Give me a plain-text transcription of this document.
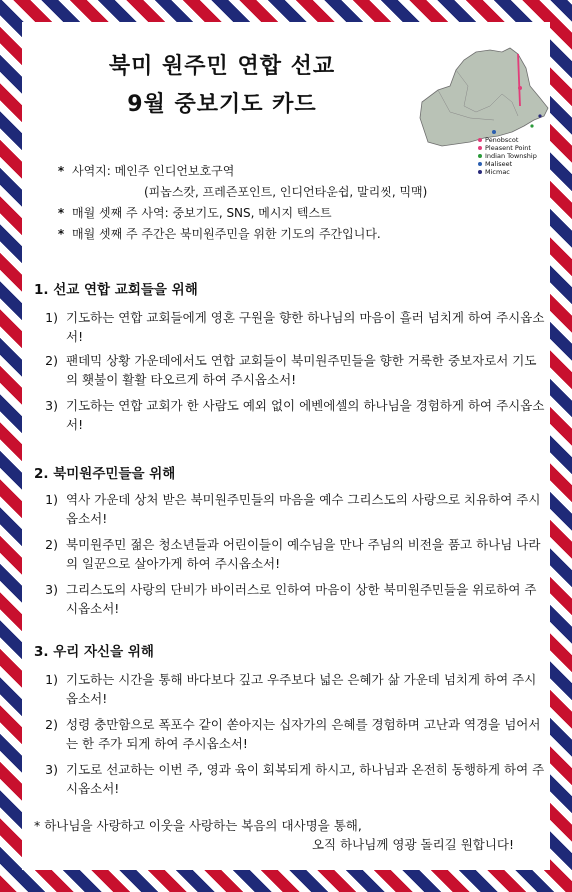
북미 원주민 연합 선교
9월 중보기도 카드
Penobscot
Pleasent Point
Indian Township
Maliseet
Micmac
* 사역지: 메인주 인디언보호구역
(피놉스캇, 프레즌포인트, 인디언타운쉽, 말리씻, 믹맥)
* 매월 셋째 주 사역: 중보기도, SNS, 메시지 텍스트
* 매월 셋째 주 주간은 북미원주민을 위한 기도의 주간입니다.
1. 선교 연합 교회들을 위해
1) 기도하는 연합 교회들에게 영혼 구원을 향한 하나님의 마음이 흘러 넘치게 하여 주시옵소서!
2) 팬데믹 상황 가운데에서도 연합 교회들이 북미원주민들을 향한 거룩한 중보자로서 기도의 횃불이 활활 타오르게 하여 주시옵소서!
3) 기도하는 연합 교회가 한 사람도 예외 없이 에벤에셀의 하나님을 경험하게 하여 주시옵소서!
2. 북미원주민들을 위해
1) 역사 가운데 상처 받은 북미원주민들의 마음을 예수 그리스도의 사랑으로 치유하여 주시옵소서!
2) 북미원주민 젊은 청소년들과 어린이들이 예수님을 만나 주님의 비전을 품고 하나님 나라의 일꾼으로 살아가게 하여 주시옵소서!
3) 그리스도의 사랑의 단비가 바이러스로 인하여 마음이 상한 북미원주민들을 위로하여 주시옵소서!
3. 우리 자신을 위해
1) 기도하는 시간을 통해 바다보다 깊고 우주보다 넓은 은혜가 삶 가운데 넘치게 하여 주시옵소서!
2) 성령 충만함으로 폭포수 같이 쏟아지는 십자가의 은혜를 경험하며 고난과 역경을 넘어서는 한 주가 되게 하여 주시옵소서!
3) 기도로 선교하는 이번 주, 영과 육이 회복되게 하시고, 하나님과 온전히 동행하게 하여 주시옵소서!
* 하나님을 사랑하고 이웃을 사랑하는 복음의 대사명을 통해,
오직 하나님께 영광 돌리길 원합니다!
